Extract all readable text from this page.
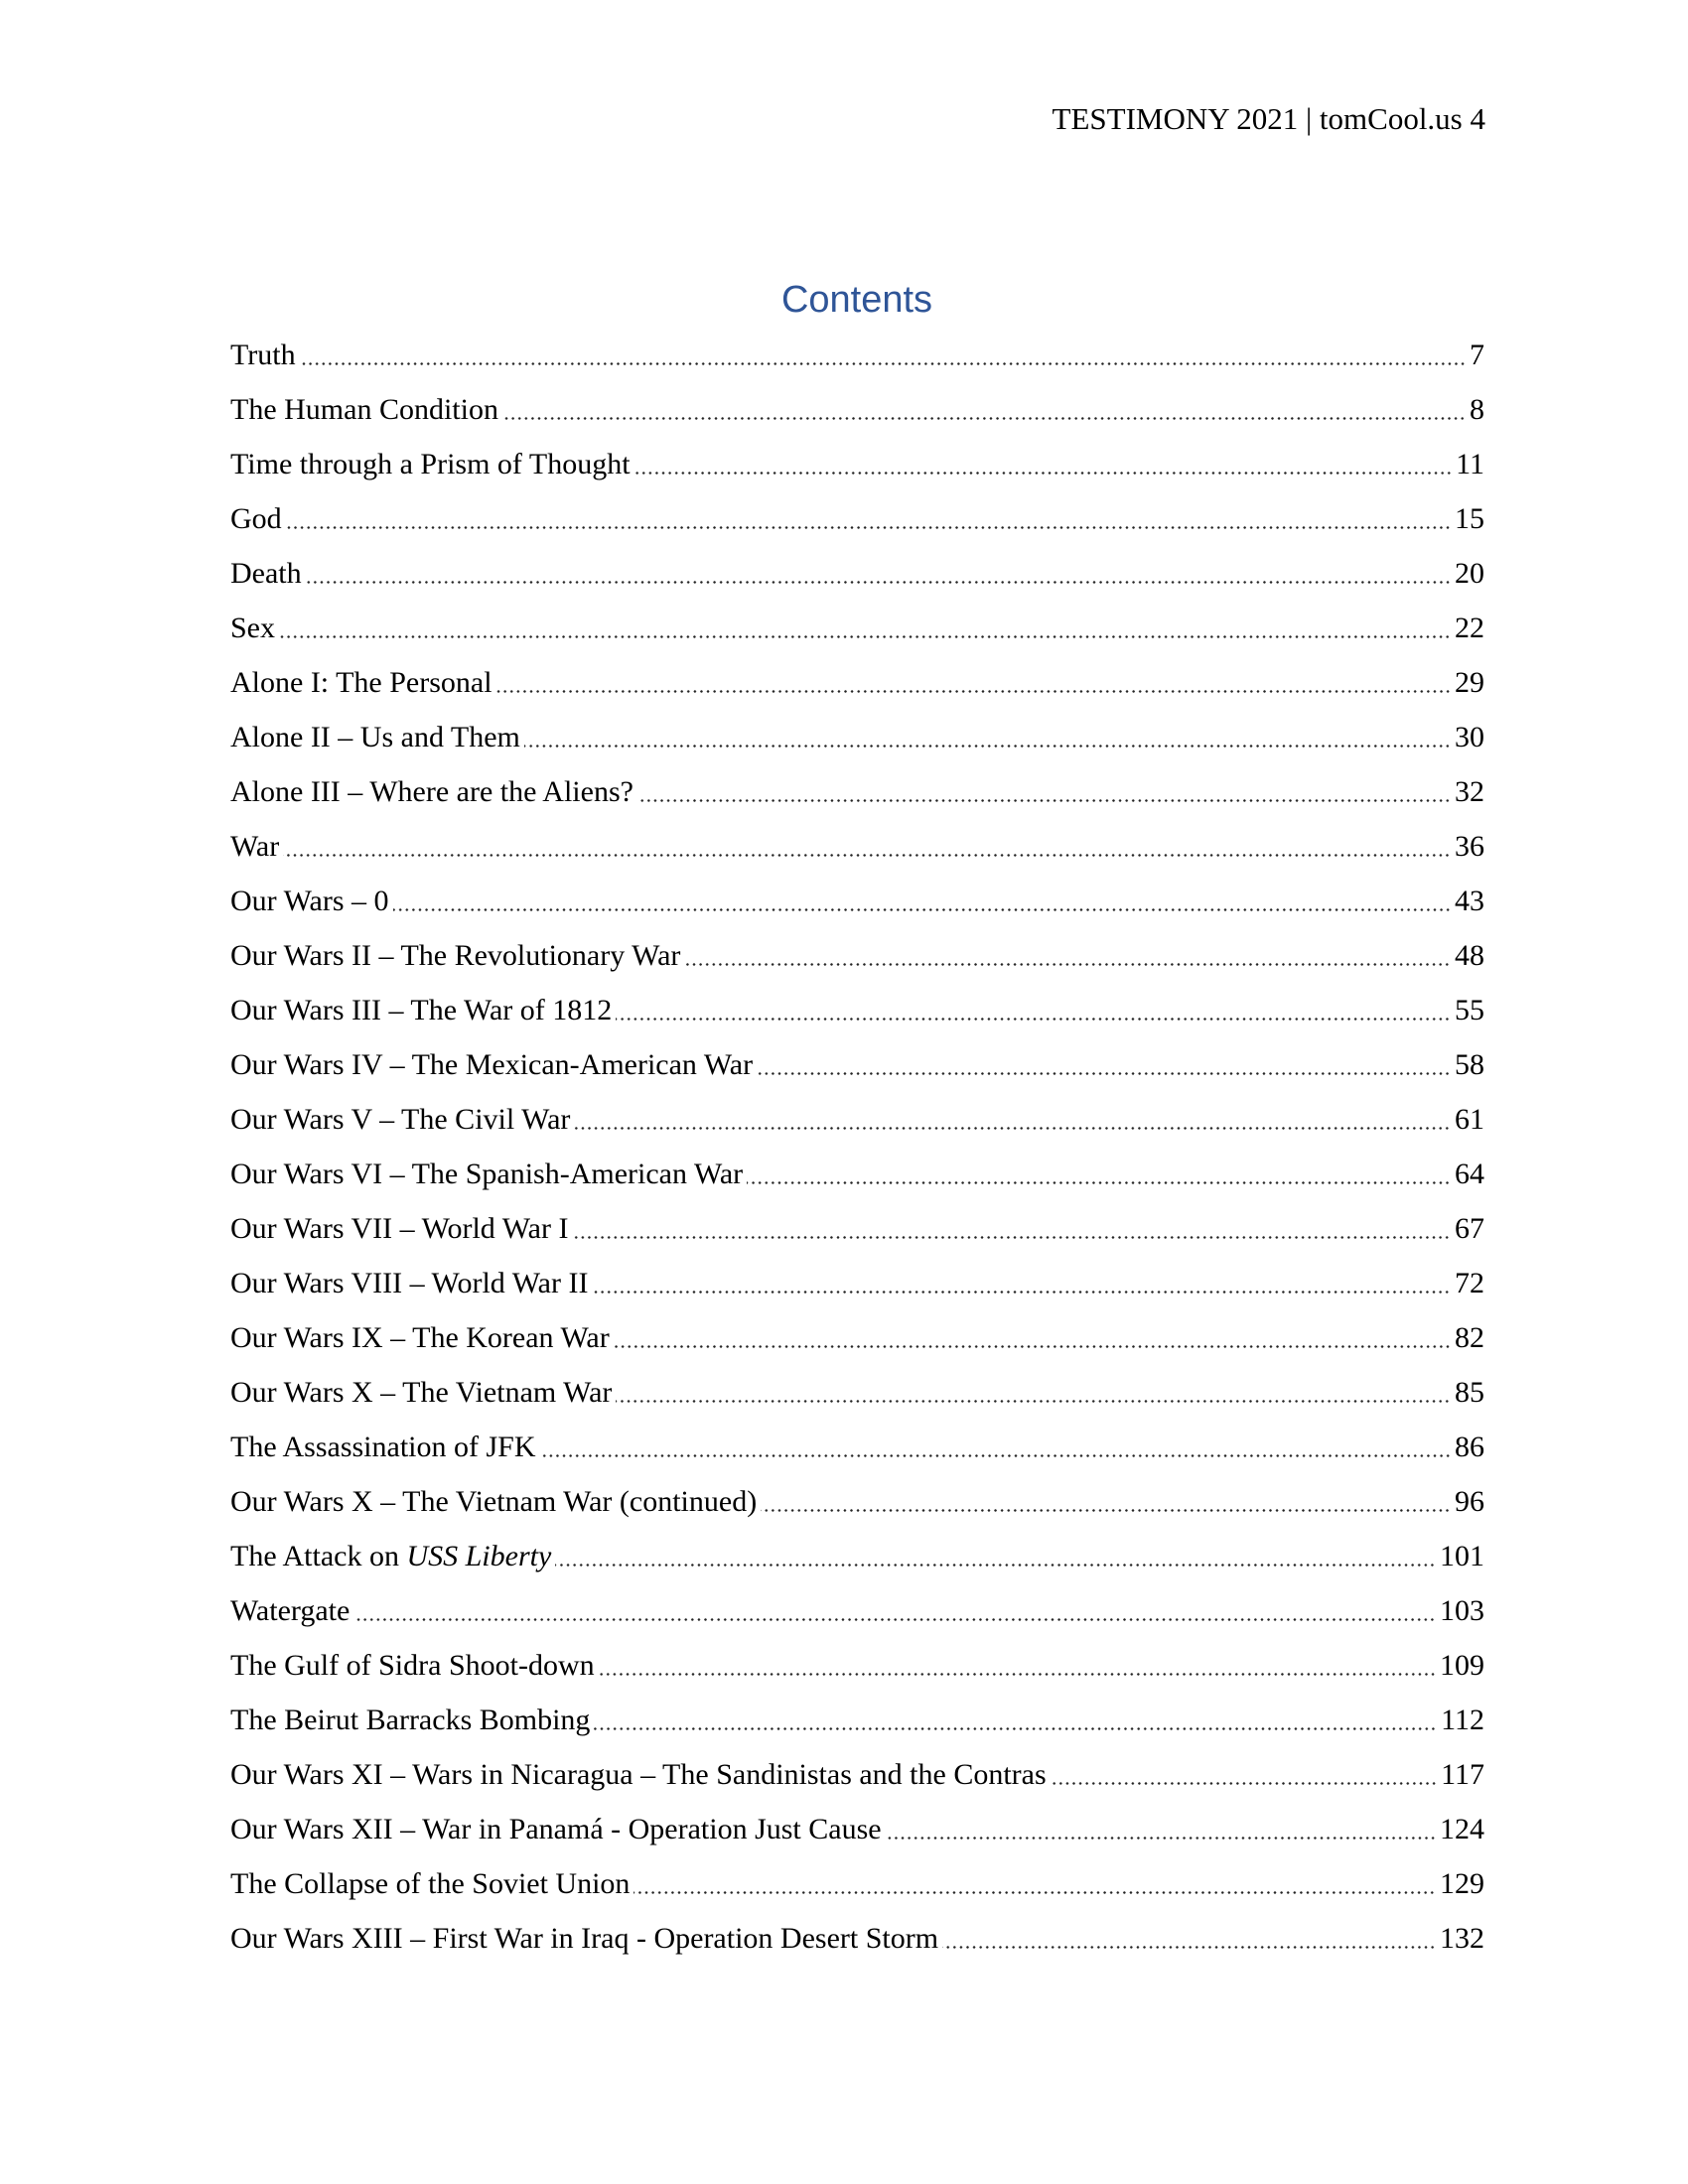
TESTIMONY 2021 | tomCool.us 4
Contents
Truth	7
The Human Condition	8
Time through a Prism of Thought	11
God	15
Death	20
Sex	22
Alone I: The Personal	29
Alone II – Us and Them	30
Alone III – Where are the Aliens?	32
War	36
Our Wars – 0	43
Our Wars II – The Revolutionary War	48
Our Wars III – The War of 1812	55
Our Wars IV – The Mexican-American War	58
Our Wars V – The Civil War	61
Our Wars VI – The Spanish-American War	64
Our Wars VII – World War I	67
Our Wars VIII – World War II	72
Our Wars IX – The Korean War	82
Our Wars X – The Vietnam War	85
The Assassination of JFK	86
Our Wars X – The Vietnam War (continued)	96
The Attack on USS Liberty	101
Watergate	103
The Gulf of Sidra Shoot-down	109
The Beirut Barracks Bombing	112
Our Wars XI – Wars in Nicaragua – The Sandinistas and the Contras	117
Our Wars XII – War in Panamá - Operation Just Cause	124
The Collapse of the Soviet Union	129
Our Wars XIII – First War in Iraq - Operation Desert Storm	132
